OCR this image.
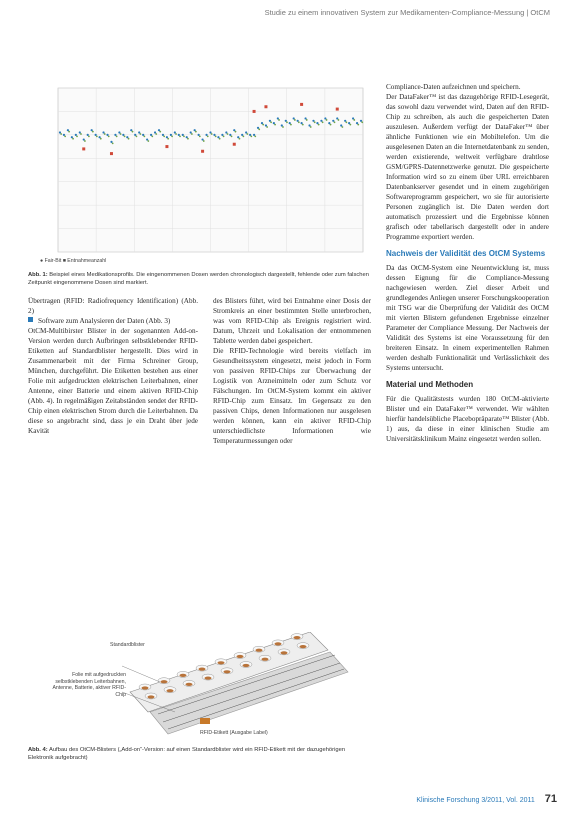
Studie zu einem innovativen System zur Medikamenten-Compliance-Messung | OtCM
● Fair-Bit ■ Entnahmeanzahl
Abb. 1: Beispiel eines Medikationsprofils. Die eingenommenen Dosen werden chronologisch dargestellt, fehlende oder zum falschen Zeitpunkt eingenommene Dosen sind markiert.

Übertragen (RFID: Radiofrequency Identification) (Abb. 2)

Software zum Analysieren der Daten (Abb. 3)

OtCM-Multibirster Blister in der sogenannten Add-on-Version werden durch Aufbringen selbstklebender RFID-Etiketten auf Standardblister hergestellt. Dies wird in Zusammenarbeit mit der Firma Schreiner Group, München, durchgeführt. Die Etiketten bestehen aus einer Folie mit aufgedruckten elektrischen Leiterbahnen, einer Antenne, einer Batterie und einem aktiven RFID-Chip (Abb. 4). In regelmäßigen Zeitabständen sendet der RFID-Chip einen elektrischen Strom durch die Leiterbahnen. Da diese so angebracht sind, dass je ein Draht über jede Kavität

des Blisters führt, wird bei Entnahme einer Dosis der Stromkreis an einer bestimmten Stelle unterbrochen, was vom RFID-Chip als Ereignis registriert wird. Datum, Uhrzeit und Lokalisation der entnommenen Tablette werden dabei gespeichert.

Die RFID-Technologie wird bereits vielfach im Gesundheitssystem eingesetzt, meist jedoch in Form von passiven RFID-Chips zur Überwachung der Logistik von Arzneimitteln oder zum Schutz vor Fälschungen. Im OtCM-System kommt ein aktiver RFID-Chip zum Einsatz. Im Gegensatz zu den passiven Chips, denen Informationen nur ausgelesen werden können, kann ein aktiver RFID-Chip unterschiedlichste Informationen wie Temperaturmessungen oder

Compliance-Daten aufzeichnen und speichern.

Der DataFaker™ ist das dazugehörige RFID-Lesegerät, das sowohl dazu verwendet wird, Daten auf den RFID-Chip zu schreiben, als auch die gespeicherten Daten auszulesen. Außerdem verfügt der DataFaker™ über ähnliche Funktionen wie ein Mobiltelefon. Um die ausgelesenen Daten an die Internetdatenbank zu senden, werden existierende, weltweit verfügbare drahtlose GSM/GPRS-Datennetzwerke genutzt. Die gespeicherte Information wird so zu einem über URL erreichbaren Datenbankserver gesendet und in einem zugehörigen Softwareprogramm gespeichert, wo sie für autorisierte Personen zugänglich ist. Die Daten werden dort automatisch prozessiert und die Ergebnisse können grafisch oder tabellarisch dargestellt oder in andere Programme exportiert werden.

Nachweis der Validität des OtCM Systems

Da das OtCM-System eine Neuentwicklung ist, muss dessen Eignung für die Compliance-Messung nachgewiesen werden. Ziel dieser Arbeit und grundlegendes Anliegen unserer Forschungskooperation mit TSG war die Überprüfung der Validität des OtCM mit vierten Blistern gefundenen Ergebnisse einzelner Parameter der Compliance Messung. Der Nachweis der Validität des Systems ist eine Voraussetzung für den breiteren Einsatz. In einem experimentellen Rahmen werden deshalb Funktionalität und Verlässlichkeit des Systems untersucht.

Material und Methoden

Für die Qualitätstests wurden 180 OtCM-aktivierte Blister und ein DataFaker™ verwendet. Wir wählten hierfür handelsübliche Placebopräparate™ Blister (Abb. 1) aus, da diese in einer klinischen Studie am Universitätsklinikum Mainz eingesetzt werden sollen.

Standardblister
Folie mit aufgedruckten selbstklebenden Leiterbahnen, Antenne, Batterie, aktiver RFID-Chip
RFID-Etikett (Ausgabe Label)
Abb. 4: Aufbau des OtCM-Blisters („Add-on“-Version: auf einen Standardblister wird ein RFID-Etikett mit der dazugehörigen Elektronik aufgebracht)
Klinische Forschung 3/2011, Vol. 2011 71
